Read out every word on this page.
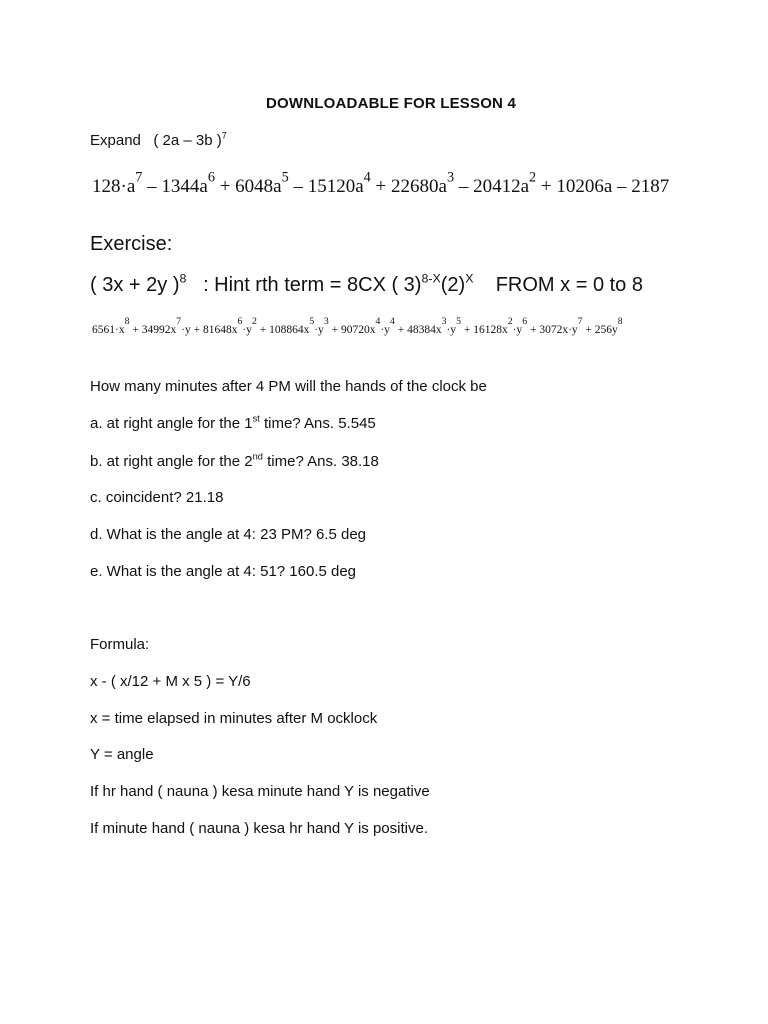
DOWNLOADABLE FOR LESSON 4
Expand ( 2a – 3b )$^7$
$128\cdot a^7 - 1344a^6 + 6048a^5 - 15120a^4 + 22680a^3 - 20412a^2 + 10206a - 2187$
Exercise:
( 3x + 2y )$^8$   : Hint rth term = 8CX ( $3)^{8-X}(2)^X$ FROM x = 0 to 8
$6561\cdot x^8 + 34992x^7\cdot y + 81648x^6\cdot y^2 + 108864x^5\cdot y^3 + 90720x^4\cdot y^4 + 48384x^3\cdot y^5 + 16128x^2\cdot y^6 + 3072x\cdot y^7 + 256y^8$
How many minutes after 4 PM will the hands of the clock be
a. at right angle for the 1st time? Ans. 5.545
b. at right angle for the 2nd time? Ans. 38.18
c. coincident? 21.18
d. What is the angle at 4: 23 PM? 6.5 deg
e. What is the angle at 4: 51? 160.5 deg
Formula:
x - ( x/12 + M x 5 ) = Y/6
x = time elapsed in minutes after M ocklock
Y = angle
If hr hand ( nauna ) kesa minute hand Y is negative
If minute hand ( nauna ) kesa hr hand Y is positive.
